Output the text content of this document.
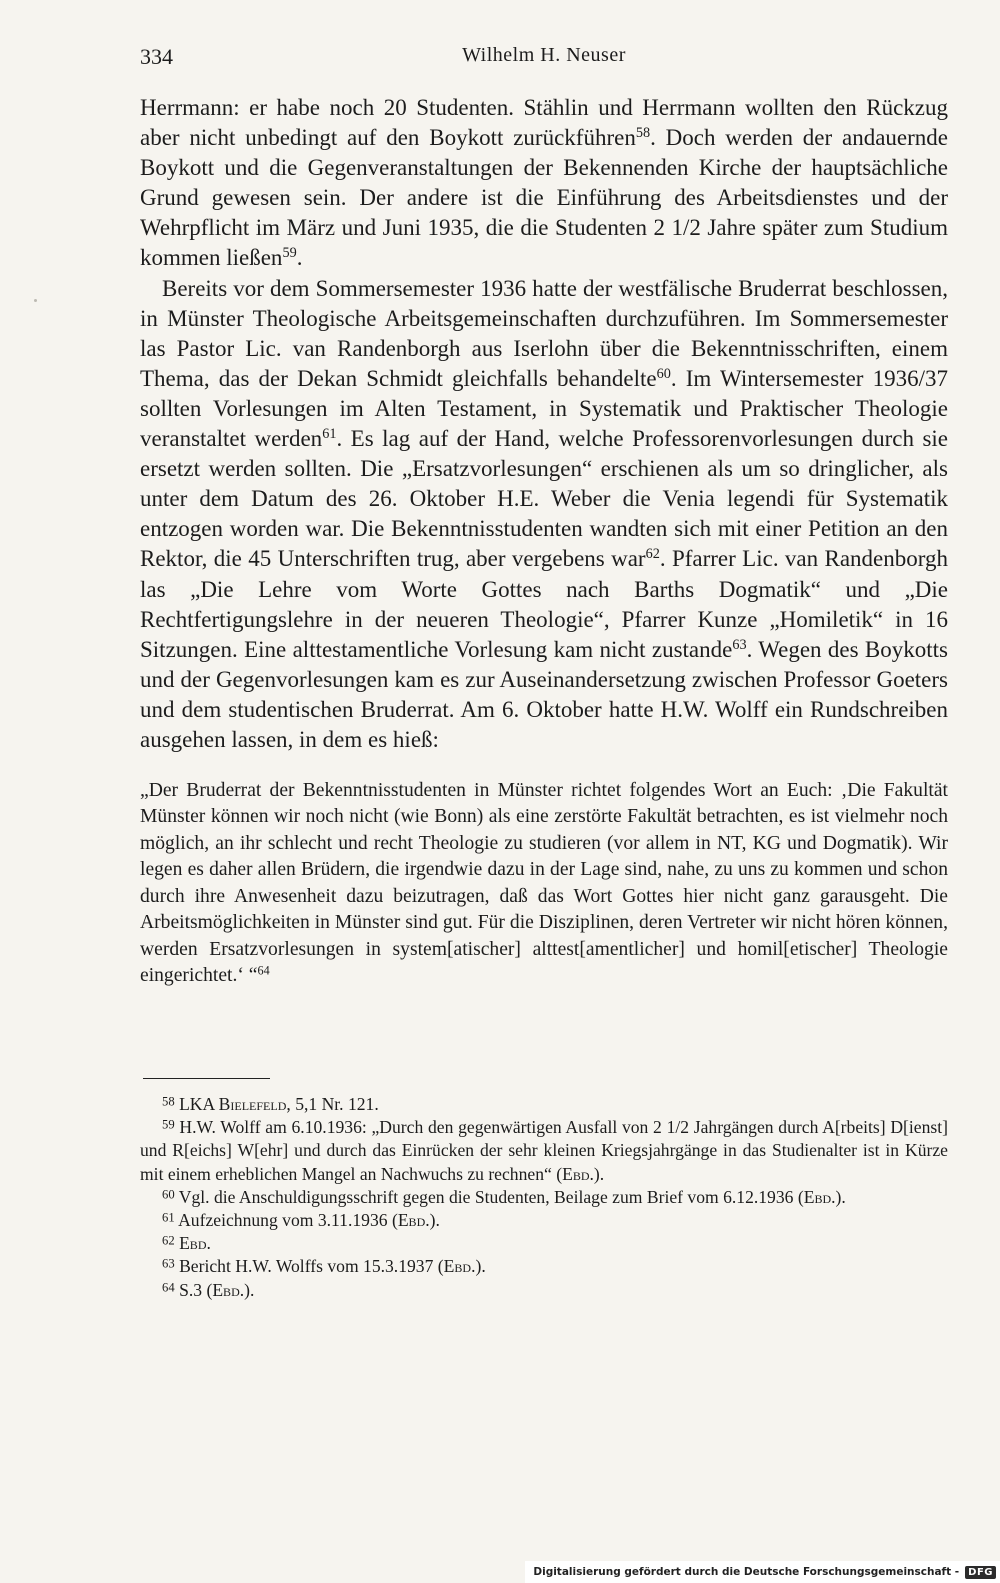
334	Wilhelm H. Neuser

Herrmann: er habe noch 20 Studenten. Stählin und Herrmann wollten den Rückzug aber nicht unbedingt auf den Boykott zurückführen$^{58}$. Doch werden der andauernde Boykott und die Gegenveranstaltungen der Bekennenden Kirche der hauptsächliche Grund gewesen sein. Der andere ist die Einführung des Arbeitsdienstes und der Wehrpflicht im März und Juni 1935, die die Studenten 2 1/2 Jahre später zum Studium kommen ließen$^{59}$.

Bereits vor dem Sommersemester 1936 hatte der westfälische Bruderrat beschlossen, in Münster Theologische Arbeitsgemeinschaften durchzuführen. Im Sommersemester las Pastor Lic. van Randenborgh aus Iserlohn über die Bekenntnisschriften, einem Thema, das der Dekan Schmidt gleichfalls behandelte$^{60}$. Im Wintersemester 1936/37 sollten Vorlesungen im Alten Testament, in Systematik und Praktischer Theologie veranstaltet werden$^{61}$. Es lag auf der Hand, welche Professorenvorlesungen durch sie ersetzt werden sollten. Die „Ersatzvorlesungen“ erschienen als um so dringlicher, als unter dem Datum des 26. Oktober H.E. Weber die Venia legendi für Systematik entzogen worden war. Die Bekenntnisstudenten wandten sich mit einer Petition an den Rektor, die 45 Unterschriften trug, aber vergebens war$^{62}$. Pfarrer Lic. van Randenborgh las „Die Lehre vom Worte Gottes nach Barths Dogmatik“ und „Die Rechtfertigungslehre in der neueren Theologie“, Pfarrer Kunze „Homiletik“ in 16 Sitzungen. Eine alttestamentliche Vorlesung kam nicht zustande$^{63}$. Wegen des Boykotts und der Gegenvorlesungen kam es zur Auseinandersetzung zwischen Professor Goeters und dem studentischen Bruderrat. Am 6. Oktober hatte H.W. Wolff ein Rundschreiben ausgehen lassen, in dem es hieß:

„Der Bruderrat der Bekenntnisstudenten in Münster richtet folgendes Wort an Euch: ‚Die Fakultät Münster können wir noch nicht (wie Bonn) als eine zerstörte Fakultät betrachten, es ist vielmehr noch möglich, an ihr schlecht und recht Theologie zu studieren (vor allem in NT, KG und Dogmatik). Wir legen es daher allen Brüdern, die irgendwie dazu in der Lage sind, nahe, zu uns zu kommen und schon durch ihre Anwesenheit dazu beizutragen, daß das Wort Gottes hier nicht ganz garausgeht. Die Arbeitsmöglichkeiten in Münster sind gut. Für die Disziplinen, deren Vertreter wir nicht hören können, werden Ersatzvorlesungen in system[atischer] alttest[amentlicher] und homil[etischer] Theologie eingerichtet.‘ “$^{64}$

$^{58}$ LKA Bielefeld, 5,1 Nr. 121.

$^{59}$ H.W. Wolff am 6.10.1936: „Durch den gegenwärtigen Ausfall von 2 1/2 Jahrgängen durch A[rbeits] D[ienst] und R[eichs] W[ehr] und durch das Einrücken der sehr kleinen Kriegsjahrgänge in das Studienalter ist in Kürze mit einem erheblichen Mangel an Nachwuchs zu rechnen“ (Ebd.).

$^{60}$ Vgl. die Anschuldigungsschrift gegen die Studenten, Beilage zum Brief vom 6.12.1936 (Ebd.).

$^{61}$ Aufzeichnung vom 3.11.1936 (Ebd.).

$^{62}$ Ebd.

$^{63}$ Bericht H.W. Wolffs vom 15.3.1937 (Ebd.).

$^{64}$ S.3 (Ebd.).

Digitalisierung gefördert durch die Deutsche Forschungsgemeinschaft - DFG
